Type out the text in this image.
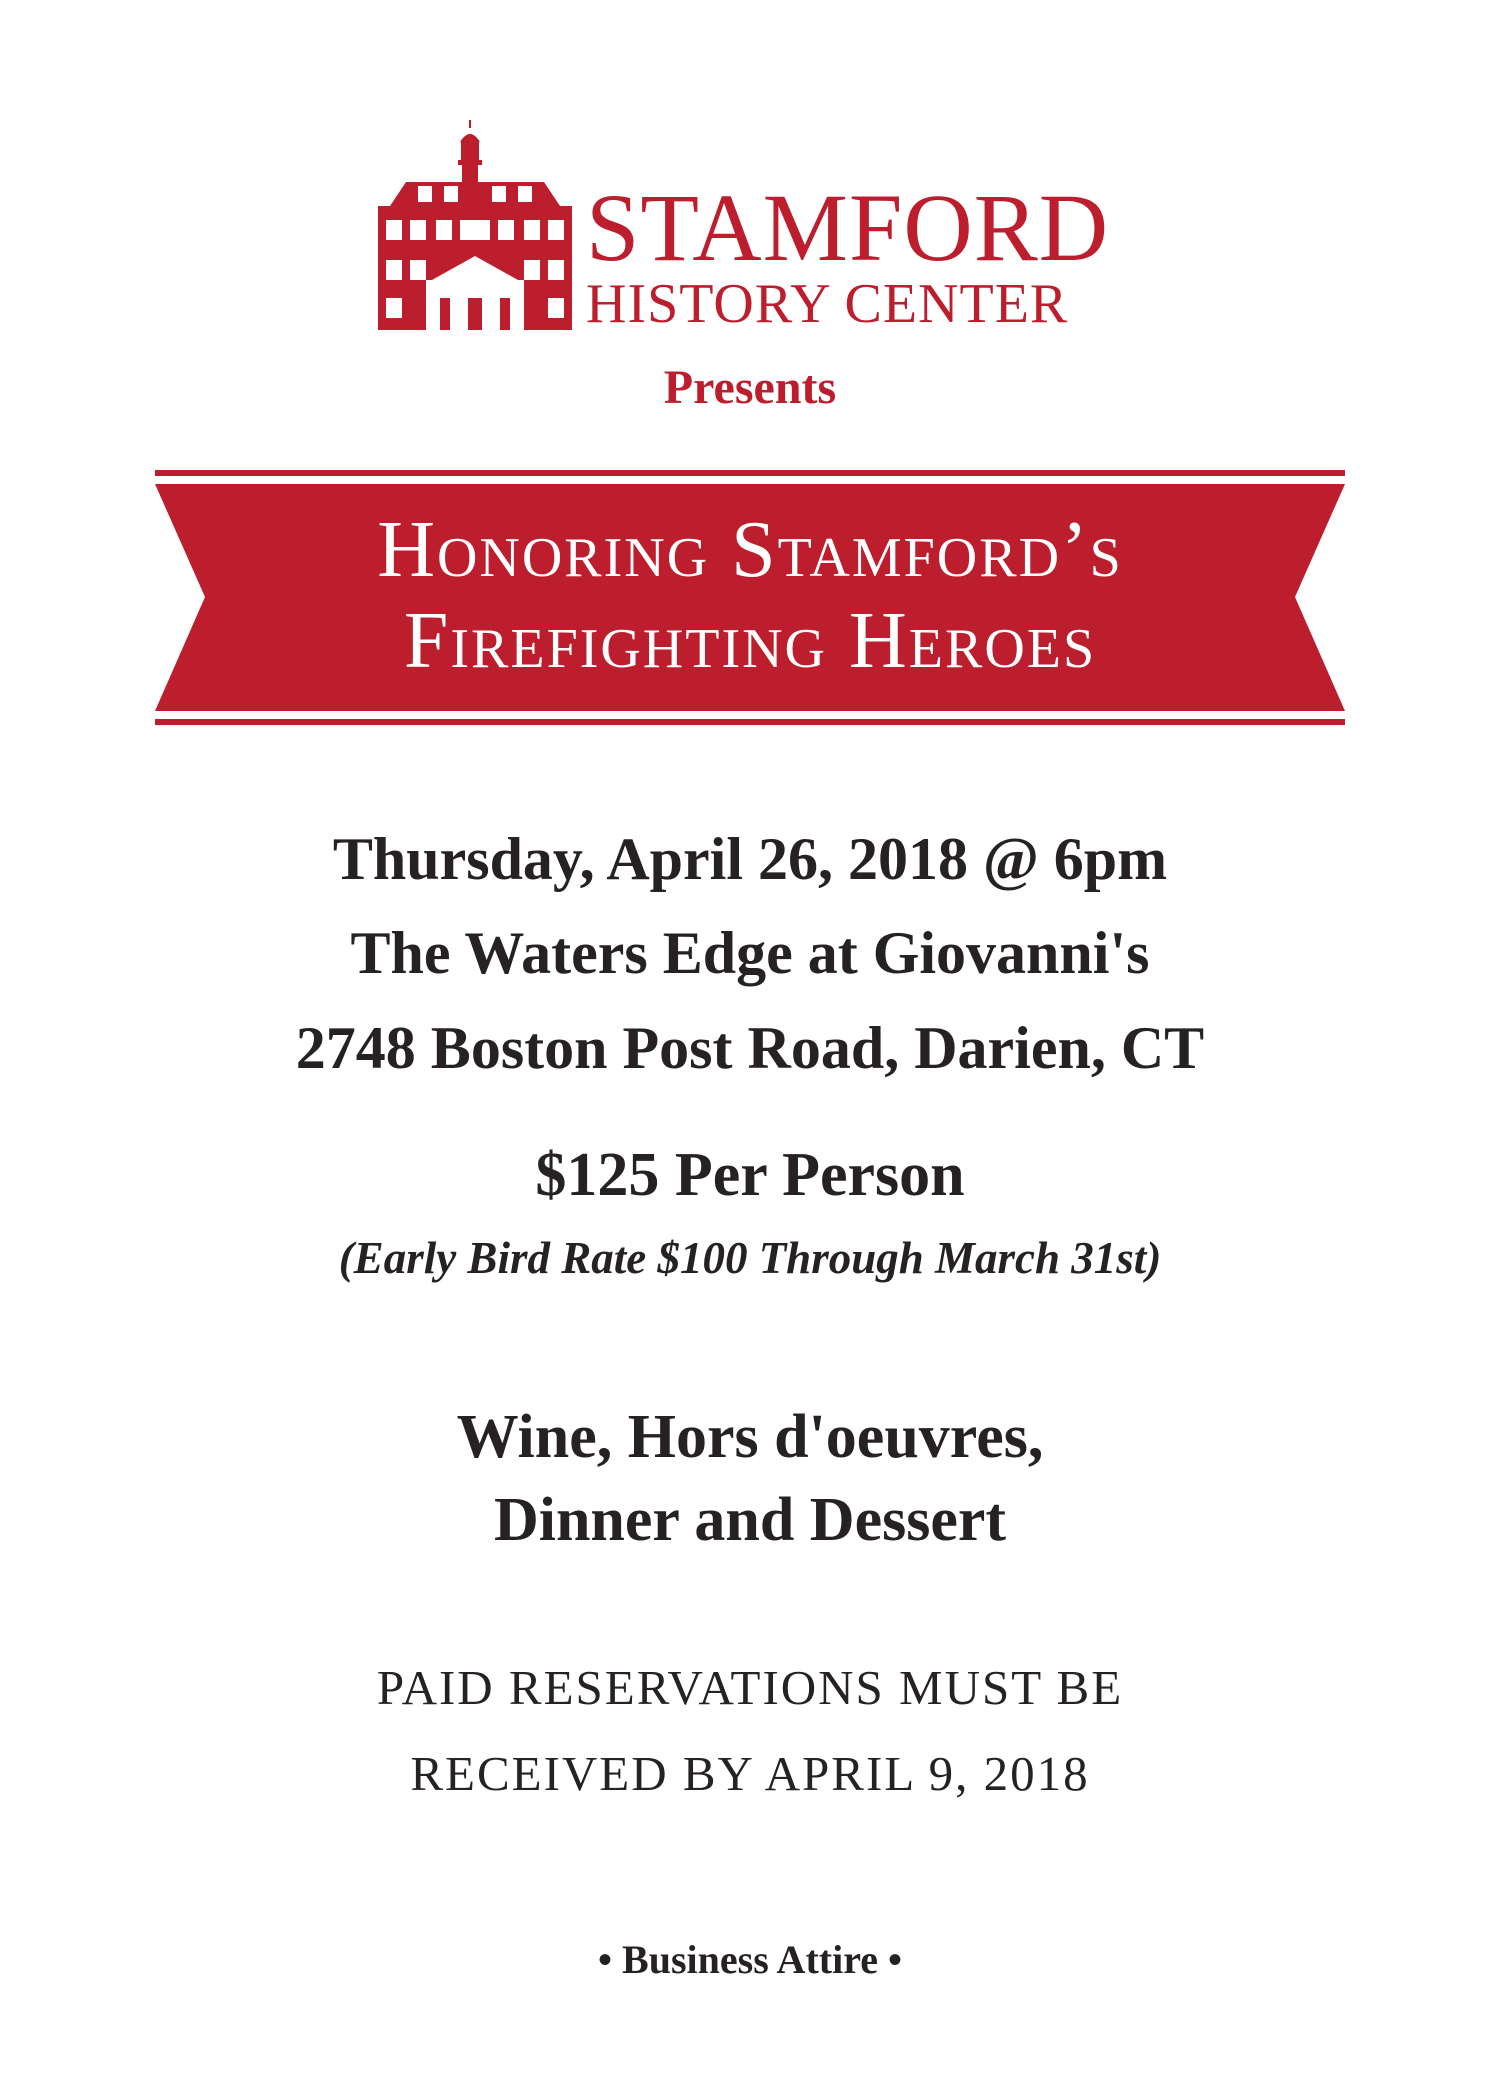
STAMFORD
HISTORY CENTER
Presents
Honoring Stamford’s
Firefighting Heroes
Thursday, April 26, 2018 @ 6pm
The Waters Edge at Giovanni's
2748 Boston Post Road, Darien, CT
$125 Per Person
(Early Bird Rate $100 Through March 31st)
Wine, Hors d'oeuvres,
Dinner and Dessert
PAID RESERVATIONS MUST BE
RECEIVED BY APRIL 9, 2018
• Business Attire •
